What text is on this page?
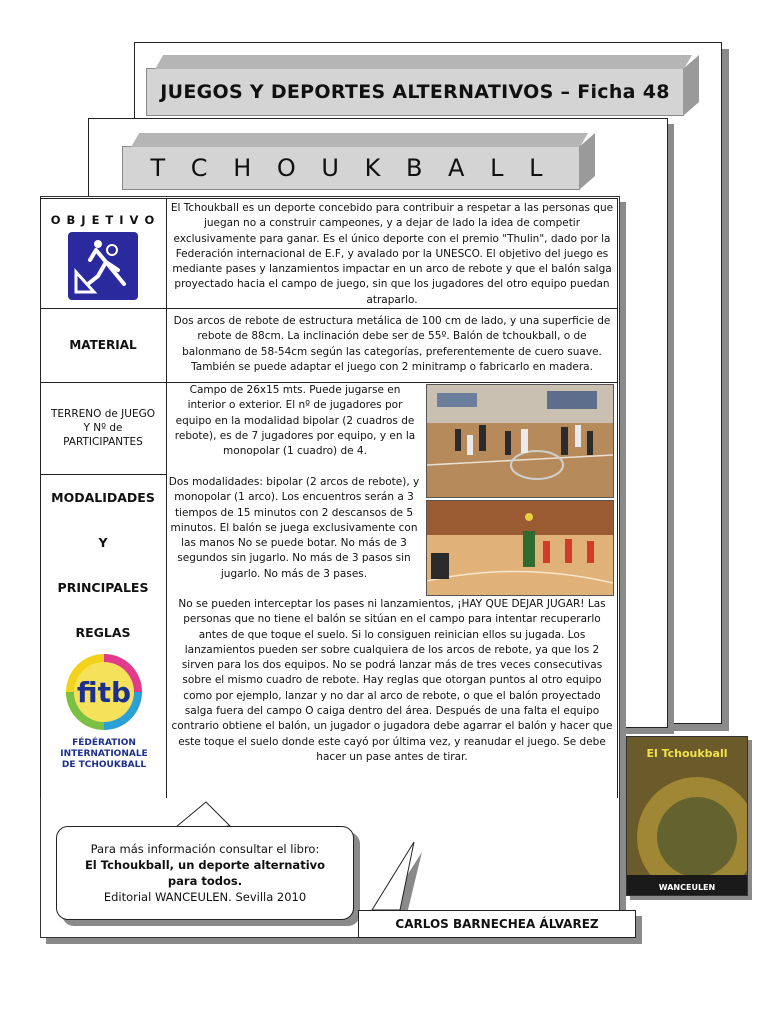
JUEGOS Y DEPORTES ALTERNATIVOS – Ficha 48
T C H O U K B A L L
O B J E T I V O
El Tchoukball es un deporte concebido para contribuir a respetar a las personas que juegan no a construir campeones, y a dejar de lado la idea de competir exclusivamente para ganar. Es el único deporte con el premio "Thulin", dado por la Federación internacional de E.F, y avalado por la UNESCO. El objetivo del juego es mediante pases y lanzamientos impactar en un arco de rebote y que el balón salga proyectado hacia el campo de juego, sin que los jugadores del otro equipo puedan atraparlo.
MATERIAL
Dos arcos de rebote de estructura metálica de 100 cm de lado, y una superficie de rebote de 88cm. La inclinación debe ser de 55º. Balón de tchoukball, o de balonmano de 58-54cm según las categorías, preferentemente de cuero suave. También se puede adaptar el juego con 2 minitramp o fabricarlo en madera.
TERRENO de JUEGO
Y Nº de
PARTICIPANTES
Campo de 26x15 mts. Puede jugarse en interior o exterior. El nº de jugadores por equipo en la modalidad bipolar (2 cuadros de rebote), es de 7 jugadores por equipo, y en la monopolar (1 cuadro) de 4.
MODALIDADES
Y
PRINCIPALES
REGLAS
Dos modalidades: bipolar (2 arcos de rebote), y monopolar (1 arco). Los encuentros serán a 3 tiempos de 15 minutos con 2 descansos de 5 minutos. El balón se juega exclusivamente con las manos No se puede botar. No más de 3 segundos sin jugarlo. No más de 3 pasos sin jugarlo. No más de 3 pases.
No se pueden interceptar los pases ni lanzamientos, ¡HAY QUE DEJAR JUGAR! Las personas que no tiene el balón se sitúan en el campo para intentar recuperarlo antes de que toque el suelo. Si lo consiguen reinician ellos su jugada. Los lanzamientos pueden ser sobre cualquiera de los arcos de rebote, ya que los 2 sirven para los dos equipos. No se podrá lanzar más de tres veces consecutivas sobre el mismo cuadro de rebote. Hay reglas que otorgan puntos al otro equipo como por ejemplo, lanzar y no dar al arco de rebote, o que el balón proyectado salga fuera del campo O caiga dentro del área. Después de una falta el equipo contrario obtiene el balón, un jugador o jugadora debe agarrar el balón y hacer que este toque el suelo donde este cayó por última vez, y reanudar el juego. Se debe hacer un pase antes de tirar.
fitb
FÉDÉRATION
INTERNATIONALE
DE TCHOUKBALL
El Tchoukball
WANCEULEN
Para más información consultar el libro:
El Tchoukball, un deporte alternativo
para todos.
Editorial WANCEULEN. Sevilla 2010
CARLOS BARNECHEA ÁLVAREZ
